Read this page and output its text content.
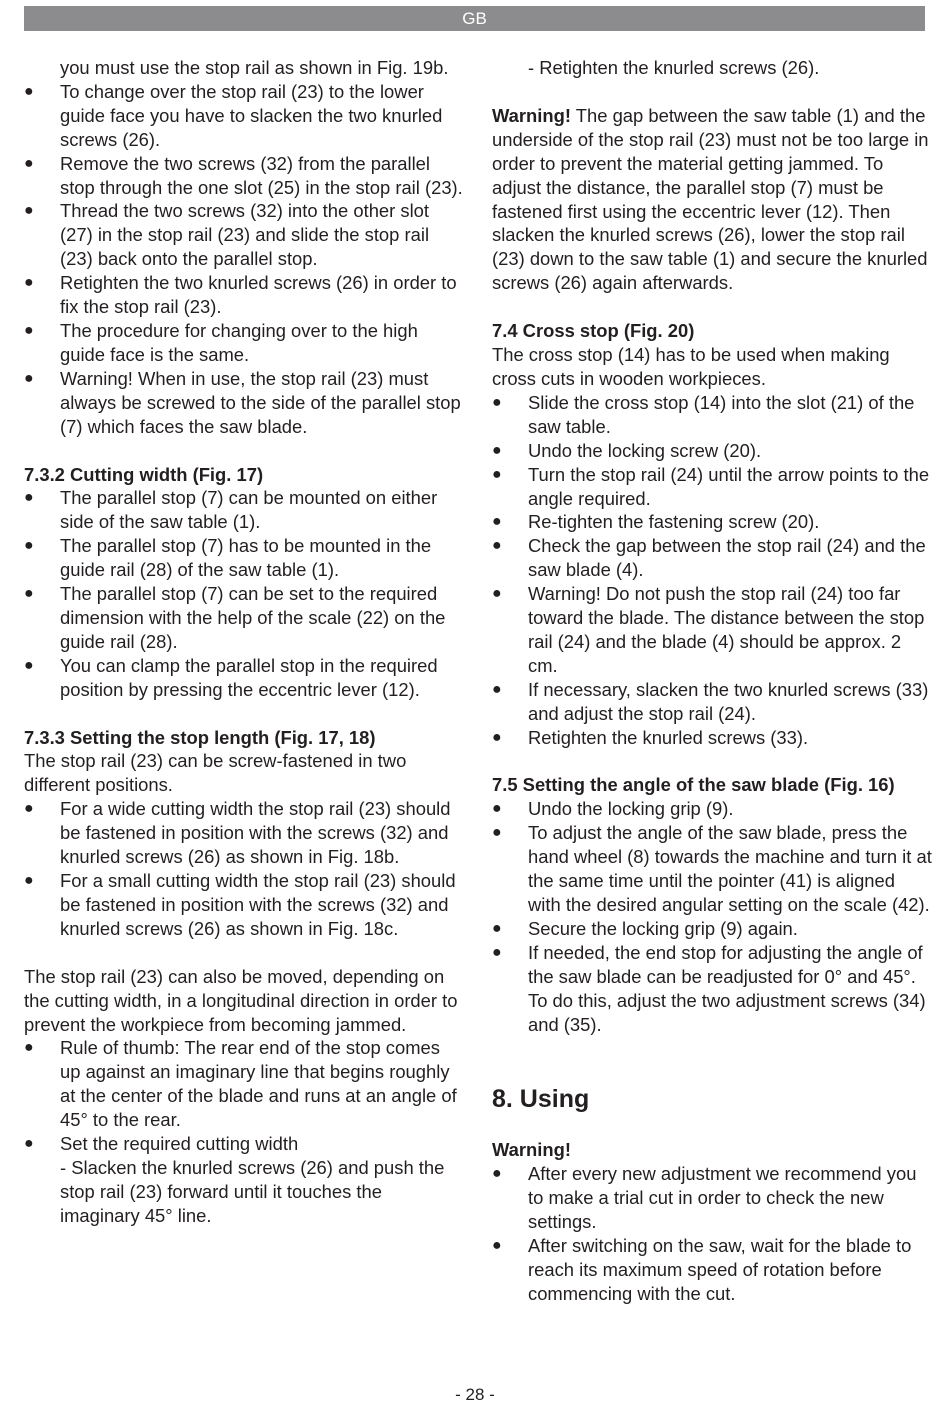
GB

you must use the stop rail as shown in Fig. 19b.

●	To change over the stop rail (23) to the lower guide face you have to slacken the two knurled screws (26).

●	Remove the two screws (32) from the parallel stop through the one slot (25) in the stop rail (23).

●	Thread the two screws (32) into the other slot (27) in the stop rail (23) and slide the stop rail (23) back onto the parallel stop.

●	Retighten the two knurled screws (26) in order to fix the stop rail (23).

●	The procedure for changing over to the high guide face is the same.

●	Warning! When in use, the stop rail (23) must always be screwed to the side of the parallel stop (7) which faces the saw blade.

7.3.2 Cutting width (Fig. 17)

●	The parallel stop (7) can be mounted on either side of the saw table (1).

●	The parallel stop (7) has to be mounted in the guide rail (28) of the saw table (1).

●	The parallel stop (7) can be set to the required dimension with the help of the scale (22) on the guide rail (28).

●	You can clamp the parallel stop in the required position by pressing the eccentric lever (12).

7.3.3 Setting the stop length (Fig. 17, 18)

The stop rail (23) can be screw-fastened in two different positions.

●	For a wide cutting width the stop rail (23) should be fastened in position with the screws (32) and knurled screws (26) as shown in Fig. 18b.

●	For a small cutting width the stop rail (23) should be fastened in position with the screws (32) and knurled screws (26) as shown in Fig. 18c.

The stop rail (23) can also be moved, depending on the cutting width, in a longitudinal direction in order to prevent the workpiece from becoming jammed.

●	Rule of thumb: The rear end of the stop comes up against an imaginary line that begins roughly at the center of the blade and runs at an angle of 45° to the rear.

●	Set the required cutting width

- Slacken the knurled screws (26) and push the stop rail (23) forward until it touches the imaginary 45° line.

- Retighten the knurled screws (26).

Warning! The gap between the saw table (1) and the underside of the stop rail (23) must not be too large in order to prevent the material getting jammed. To adjust the distance, the parallel stop (7) must be fastened first using the eccentric lever (12). Then slacken the knurled screws (26), lower the stop rail (23) down to the saw table (1) and secure the knurled screws (26) again afterwards.

7.4 Cross stop (Fig. 20)

The cross stop (14) has to be used when making cross cuts in wooden workpieces.

●	Slide the cross stop (14) into the slot (21) of the saw table.

●	Undo the locking screw (20).

●	Turn the stop rail (24) until the arrow points to the angle required.

●	Re-tighten the fastening screw (20).

●	Check the gap between the stop rail (24) and the saw blade (4).

●	Warning! Do not push the stop rail (24) too far toward the blade. The distance between the stop rail (24) and the blade (4) should be approx. 2 cm.

●	If necessary, slacken the two knurled screws (33) and adjust the stop rail (24).

●	Retighten the knurled screws (33).

7.5 Setting the angle of the saw blade (Fig. 16)

●	Undo the locking grip (9).

●	To adjust the angle of the saw blade, press the hand wheel (8) towards the machine and turn it at the same time until the pointer (41) is aligned with the desired angular setting on the scale (42).

●	Secure the locking grip (9) again.

●	If needed, the end stop for adjusting the angle of the saw blade can be readjusted for 0° and 45°. To do this, adjust the two adjustment screws (34) and (35).

8. Using

Warning!

●	After every new adjustment we recommend you to make a trial cut in order to check the new settings.

●	After switching on the saw, wait for the blade to reach its maximum speed of rotation before commencing with the cut.

- 28 -
